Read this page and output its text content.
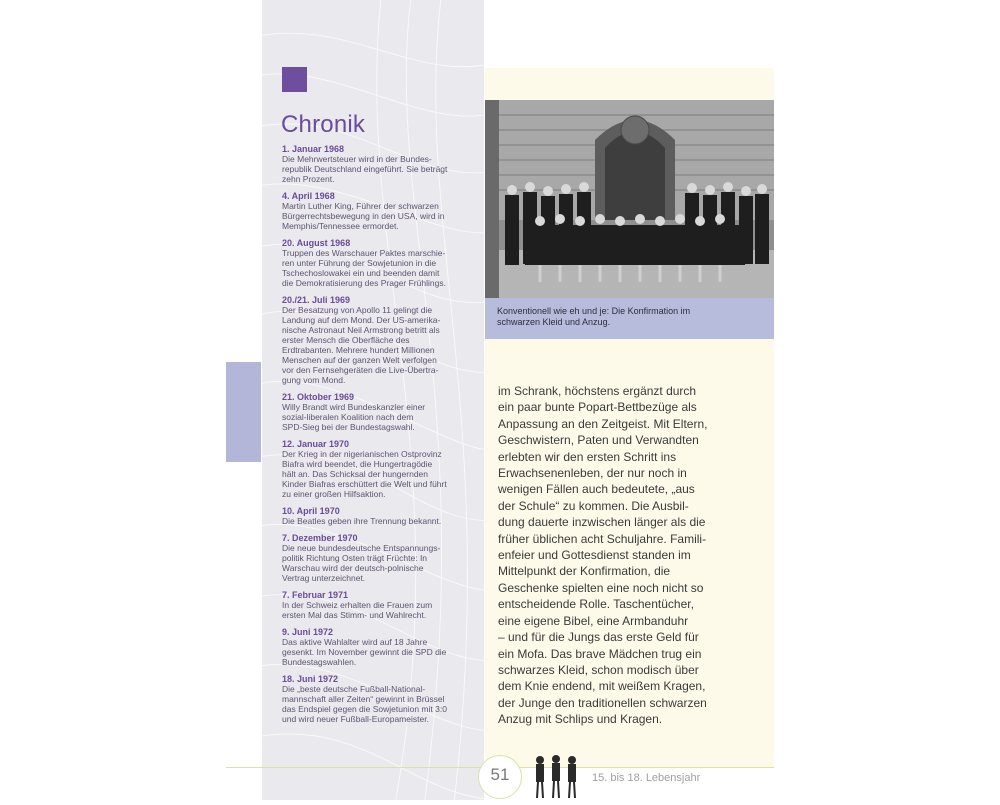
Chronik
1. Januar 1968
Die Mehrwertsteuer wird in der Bundes-
republik Deutschland eingeführt. Sie beträgt
zehn Prozent.
4. April 1968
Martin Luther King, Führer der schwarzen
Bürgerrechtsbewegung in den USA, wird in
Memphis/Tennessee ermordet.
20. August 1968
Truppen des Warschauer Paktes marschie-
ren unter Führung der Sowjetunion in die
Tschechoslowakei ein und beenden damit
die Demokratisierung des Prager Frühlings.
20./21. Juli 1969
Der Besatzung von Apollo 11 gelingt die
Landung auf dem Mond. Der US-amerika-
nische Astronaut Neil Armstrong betritt als
erster Mensch die Oberfläche des
Erdtrabanten. Mehrere hundert Millionen
Menschen auf der ganzen Welt verfolgen
vor den Fernsehgeräten die Live-Übertra-
gung vom Mond.
21. Oktober 1969
Willy Brandt wird Bundeskanzler einer
sozial-liberalen Koalition nach dem
SPD-Sieg bei der Bundestagswahl.
12. Januar 1970
Der Krieg in der nigerianischen Ostprovinz
Biafra wird beendet, die Hungertragödie
hält an. Das Schicksal der hungernden
Kinder Biafras erschüttert die Welt und führt
zu einer großen Hilfsaktion.
10. April 1970
Die Beatles geben ihre Trennung bekannt.
7. Dezember 1970
Die neue bundesdeutsche Entspannungs-
politik Richtung Osten trägt Früchte: In
Warschau wird der deutsch-polnische
Vertrag unterzeichnet.
7. Februar 1971
In der Schweiz erhalten die Frauen zum
ersten Mal das Stimm- und Wahlrecht.
9. Juni 1972
Das aktive Wahlalter wird auf 18 Jahre
gesenkt. Im November gewinnt die SPD die
Bundestagswahlen.
18. Juni 1972
Die „beste deutsche Fußball-National-
mannschaft aller Zeiten“ gewinnt in Brüssel
das Endspiel gegen die Sowjetunion mit 3:0
und wird neuer Fußball-Europameister.
Konventionell wie eh und je: Die Konfirmation im
schwarzen Kleid und Anzug.
im Schrank, höchstens ergänzt durch
ein paar bunte Popart-Bettbezüge als
Anpassung an den Zeitgeist. Mit Eltern,
Geschwistern, Paten und Verwandten
erlebten wir den ersten Schritt ins
Erwachsenenleben, der nur noch in
wenigen Fällen auch bedeutete, „aus
der Schule“ zu kommen. Die Ausbil-
dung dauerte inzwischen länger als die
früher üblichen acht Schuljahre. Famili-
enfeier und Gottesdienst standen im
Mittelpunkt der Konfirmation, die
Geschenke spielten eine noch nicht so
entscheidende Rolle. Taschentücher,
eine eigene Bibel, eine Armbanduhr
– und für die Jungs das erste Geld für
ein Mofa. Das brave Mädchen trug ein
schwarzes Kleid, schon modisch über
dem Knie endend, mit weißem Kragen,
der Junge den traditionellen schwarzen
Anzug mit Schlips und Kragen.
51	15. bis 18. Lebensjahr
